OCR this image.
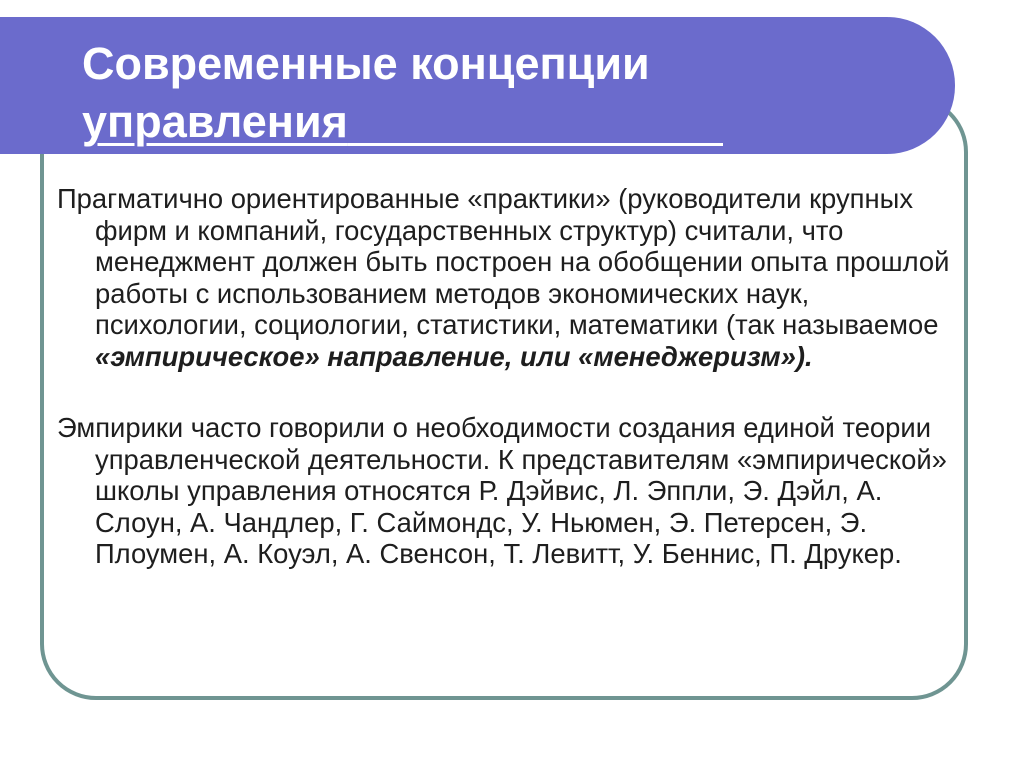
Современные концепции
управления

Прагматично ориентированные «практики» (руководители крупных фирм и компаний, государственных структур) считали, что менеджмент должен быть построен на обобщении опыта прошлой работы с использованием методов экономических наук, психологии, социологии, статистики, математики (так называемое «эмпирическое» направление, или «менеджеризм»).

Эмпирики часто говорили о необходимости создания единой теории управленческой деятельности. К представителям «эмпирической» школы управления относятся Р. Дэйвис, Л. Эппли, Э. Дэйл, А. Слоун, А. Чандлер, Г. Саймондс, У. Ньюмен, Э. Петерсен, Э. Плоумен, А. Коуэл, А. Свенсон, Т. Левитт, У. Беннис, П. Друкер.
